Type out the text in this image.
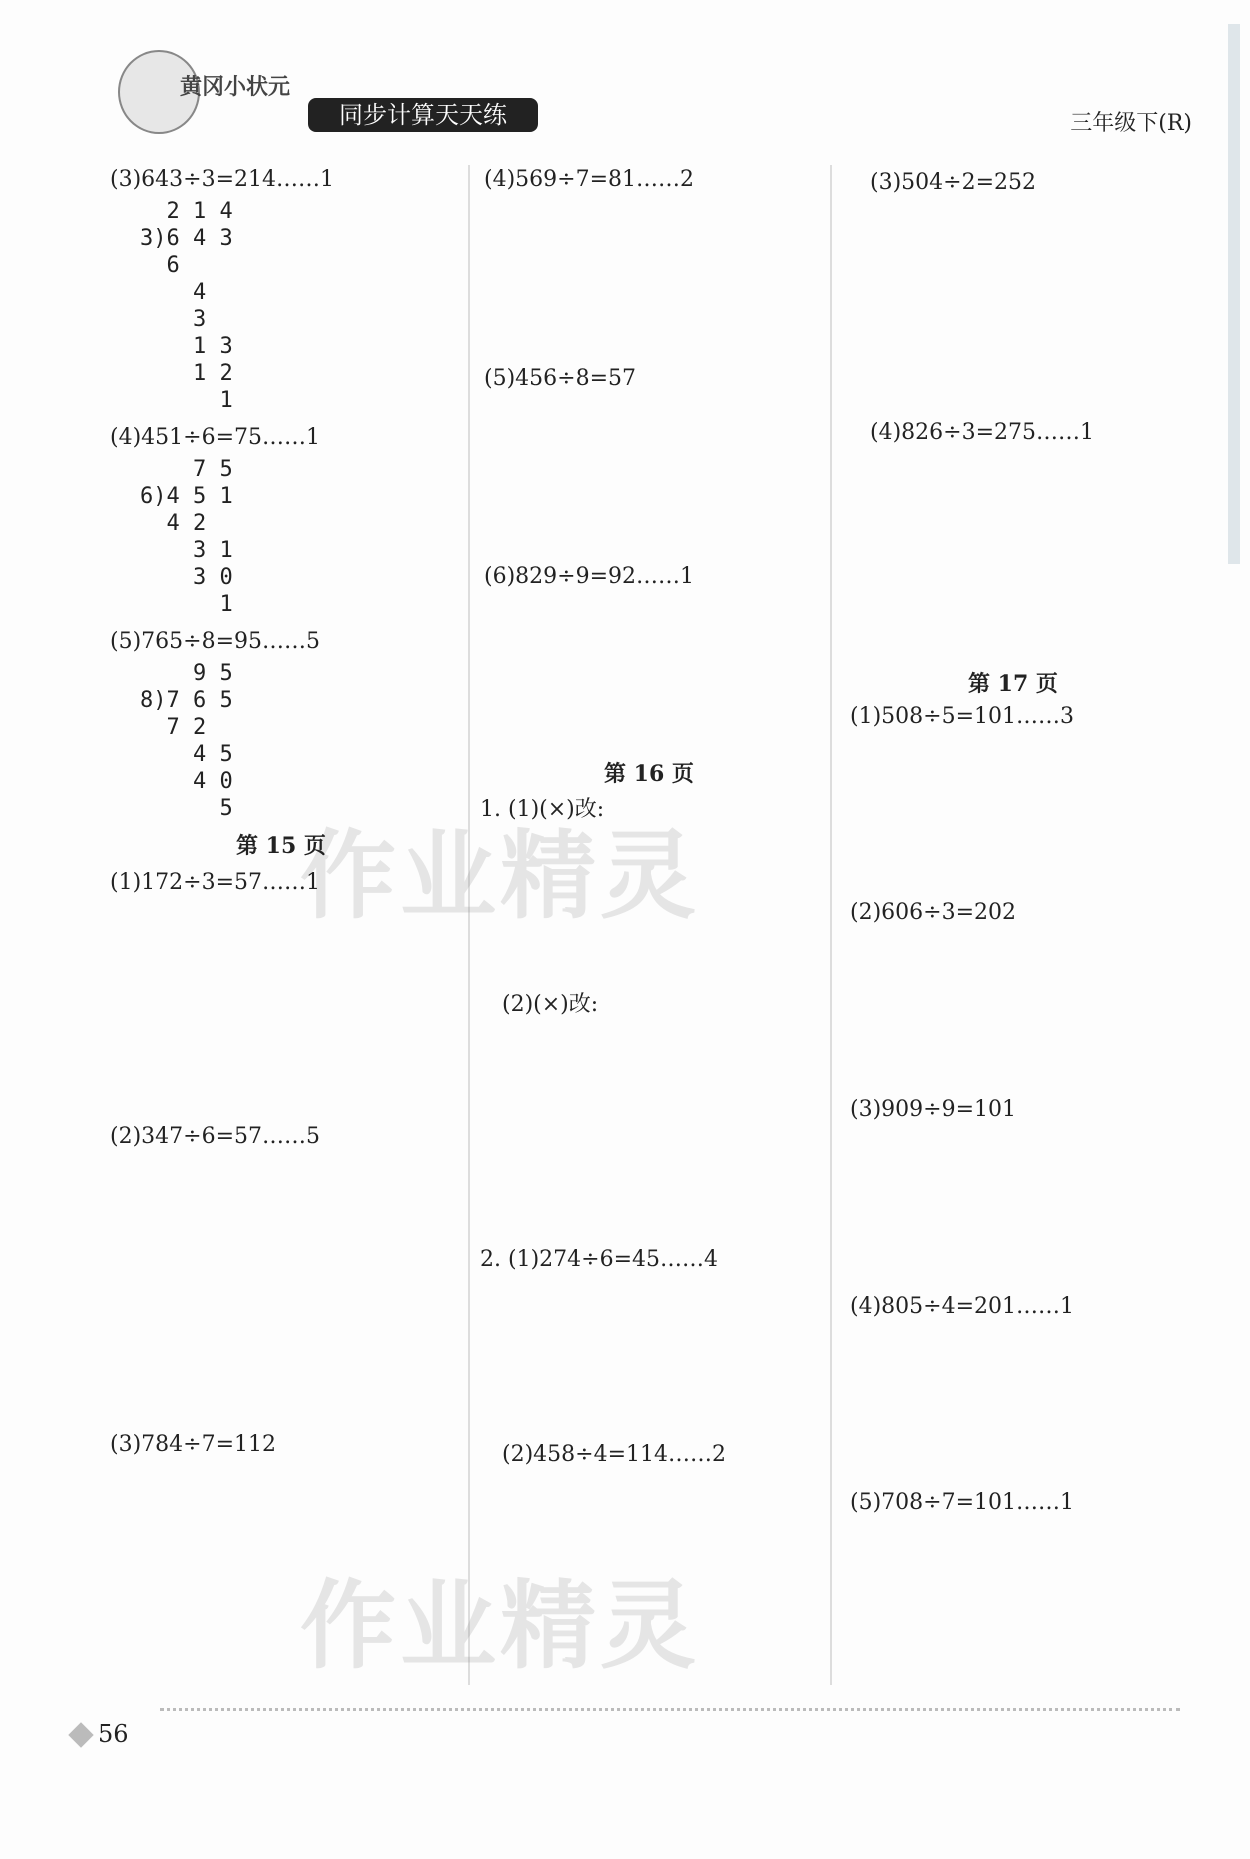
黄冈小状元
同步计算天天练	三年级下(R)
作业精灵
作业精灵
(3)643÷3=214……1
2 1 4
3)6 4 3
6
4
3
1 3
1 2
1
(4)451÷6=75……1
7 5
6)4 5 1
4 2
3 1
3 0
1
(5)765÷8=95……5
9 5
8)7 6 5
7 2
4 5
4 0
5
第 15 页
(1)172÷3=57……1
(2)347÷6=57……5
(3)784÷7=112
(4)569÷7=81……2
(5)456÷8=57
(6)829÷9=92……1
第 16 页
1. (1)(×)改:
(2)(×)改:
2. (1)274÷6=45……4
(2)458÷4=114……2
(3)504÷2=252
(4)826÷3=275……1
第 17 页
(1)508÷5=101……3
(2)606÷3=202
(3)909÷9=101
(4)805÷4=201……1
(5)708÷7=101……1
56
